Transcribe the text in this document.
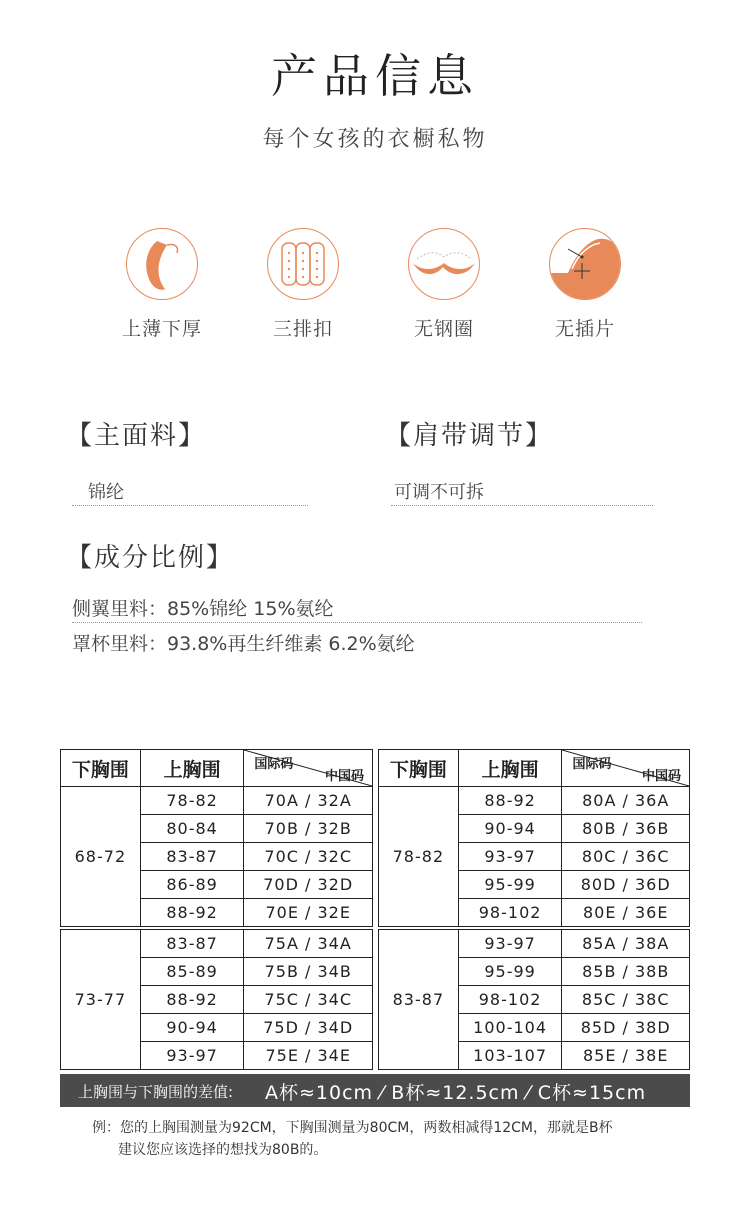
产品信息
每个女孩的衣橱私物
上薄下厚	三排扣	无钢圈	无插片
【主面料】	【肩带调节】
锦纶	可调不可拆
【成分比例】
侧翼里料：85%锦纶 15%氨纶
罩杯里料：93.8%再生纤维素 6.2%氨纶
下胸围	上胸围	国际码
中国码

68-72	78-82	70A / 32A
	80-84	70B / 32B
	83-87	70C / 32C
	86-89	70D / 32D
	88-92	70E / 32E
73-77	83-87	75A / 34A
	85-89	75B / 34B
	88-92	75C / 34C
	90-94	75D / 34D
	93-97	75E / 34E
下胸围	上胸围	国际码
中国码

78-82	88-92	80A / 36A
	90-94	80B / 36B
	93-97	80C / 36C
	95-99	80D / 36D
	98-102	80E / 36E
83-87	93-97	85A / 38A
	95-99	85B / 38B
	98-102	85C / 38C
	100-104	85D / 38D
	103-107	85E / 38E
上胸围与下胸围的差值: A杯≈10cm ⁄ B杯≈12.5cm ⁄ C杯≈15cm
例：您的上胸围测量为92CM，下胸围测量为80CM，两数相减得12CM，那就是B杯
建议您应该选择的想找为80B的。
